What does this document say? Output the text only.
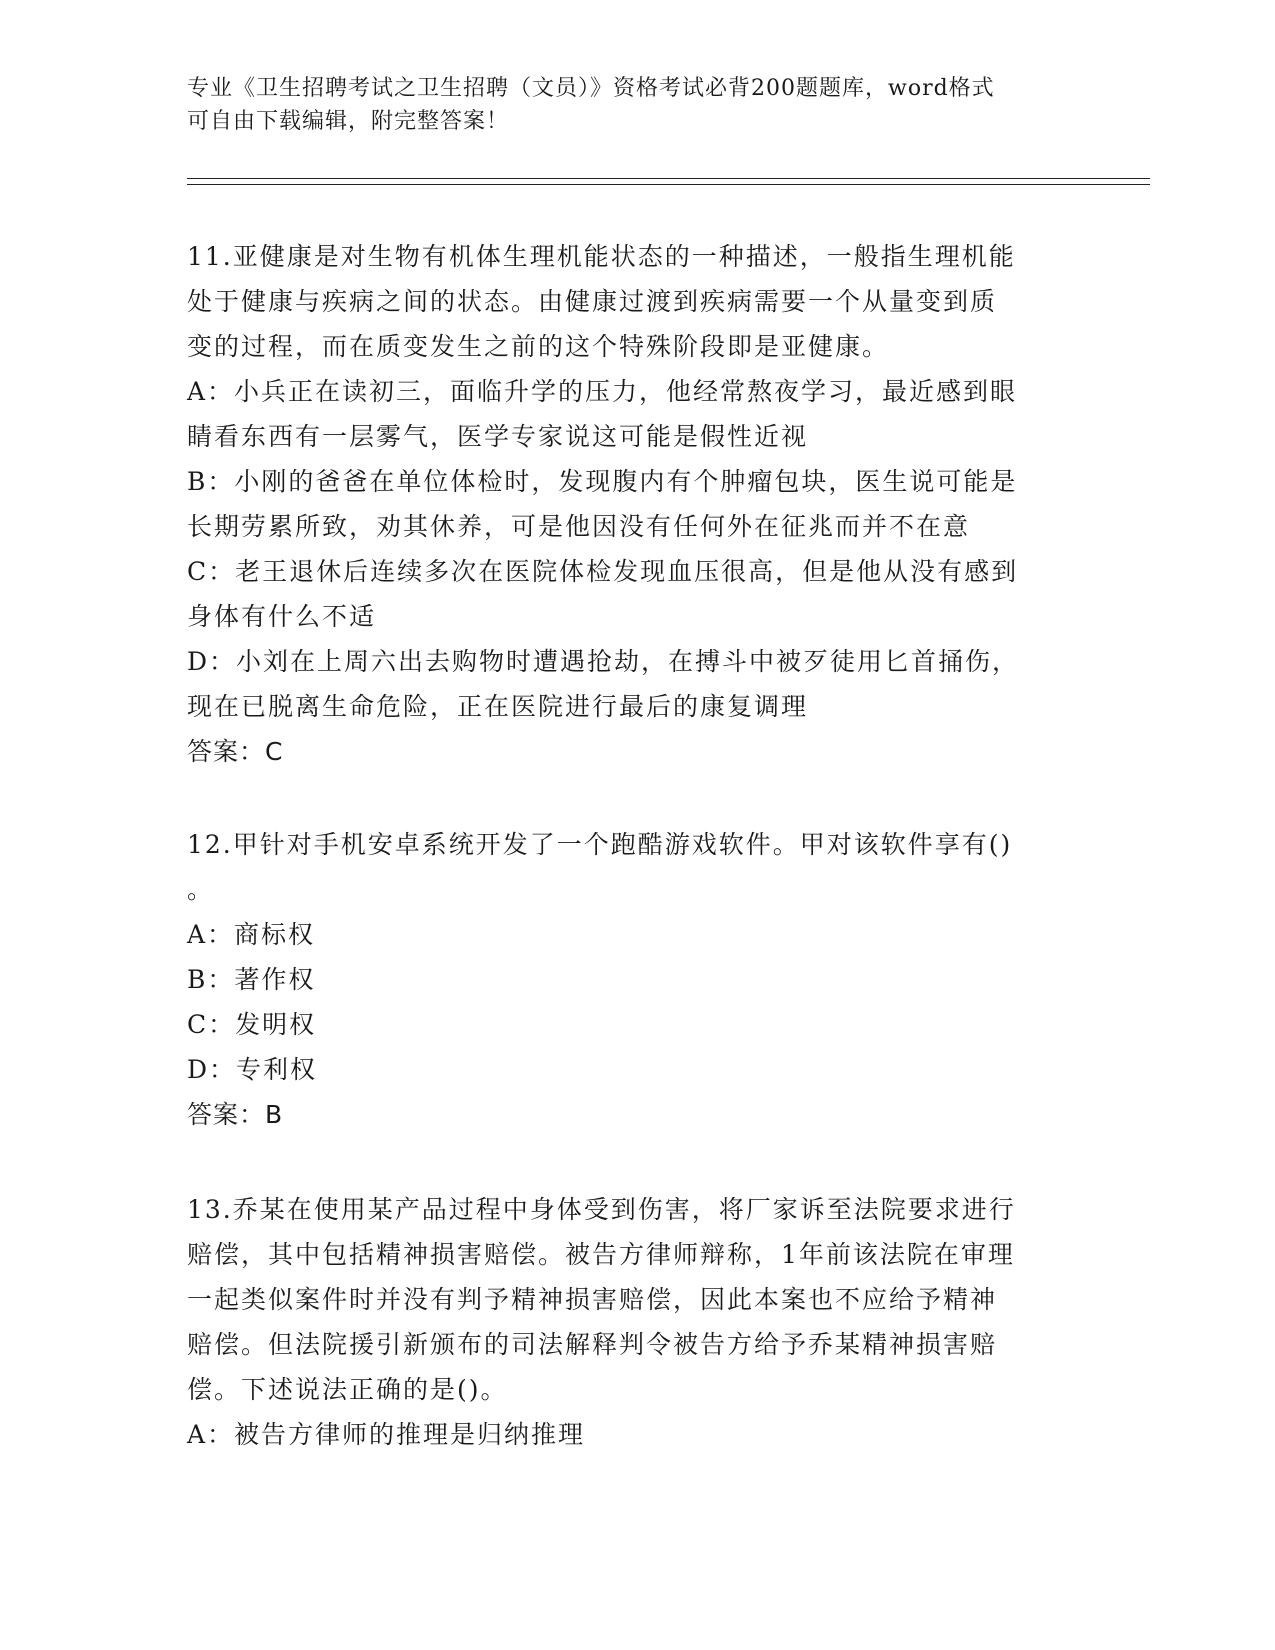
专业《卫生招聘考试之卫生招聘（文员）》资格考试必背200题题库，word格式
可自由下载编辑，附完整答案！
11.亚健康是对生物有机体生理机能状态的一种描述，一般指生理机能
处于健康与疾病之间的状态。由健康过渡到疾病需要一个从量变到质
变的过程，而在质变发生之前的这个特殊阶段即是亚健康。
A：小兵正在读初三，面临升学的压力，他经常熬夜学习，最近感到眼
睛看东西有一层雾气，医学专家说这可能是假性近视
B：小刚的爸爸在单位体检时，发现腹内有个肿瘤包块，医生说可能是
长期劳累所致，劝其休养，可是他因没有任何外在征兆而并不在意
C：老王退休后连续多次在医院体检发现血压很高，但是他从没有感到
身体有什么不适
D：小刘在上周六出去购物时遭遇抢劫，在搏斗中被歹徒用匕首捅伤，
现在已脱离生命危险，正在医院进行最后的康复调理
答案：C
12.甲针对手机安卓系统开发了一个跑酷游戏软件。甲对该软件享有()
。
A：商标权
B：著作权
C：发明权
D：专利权
答案：B
13.乔某在使用某产品过程中身体受到伤害，将厂家诉至法院要求进行
赔偿，其中包括精神损害赔偿。被告方律师辩称，1年前该法院在审理
一起类似案件时并没有判予精神损害赔偿，因此本案也不应给予精神
赔偿。但法院援引新颁布的司法解释判令被告方给予乔某精神损害赔
偿。下述说法正确的是()。
A：被告方律师的推理是归纳推理
